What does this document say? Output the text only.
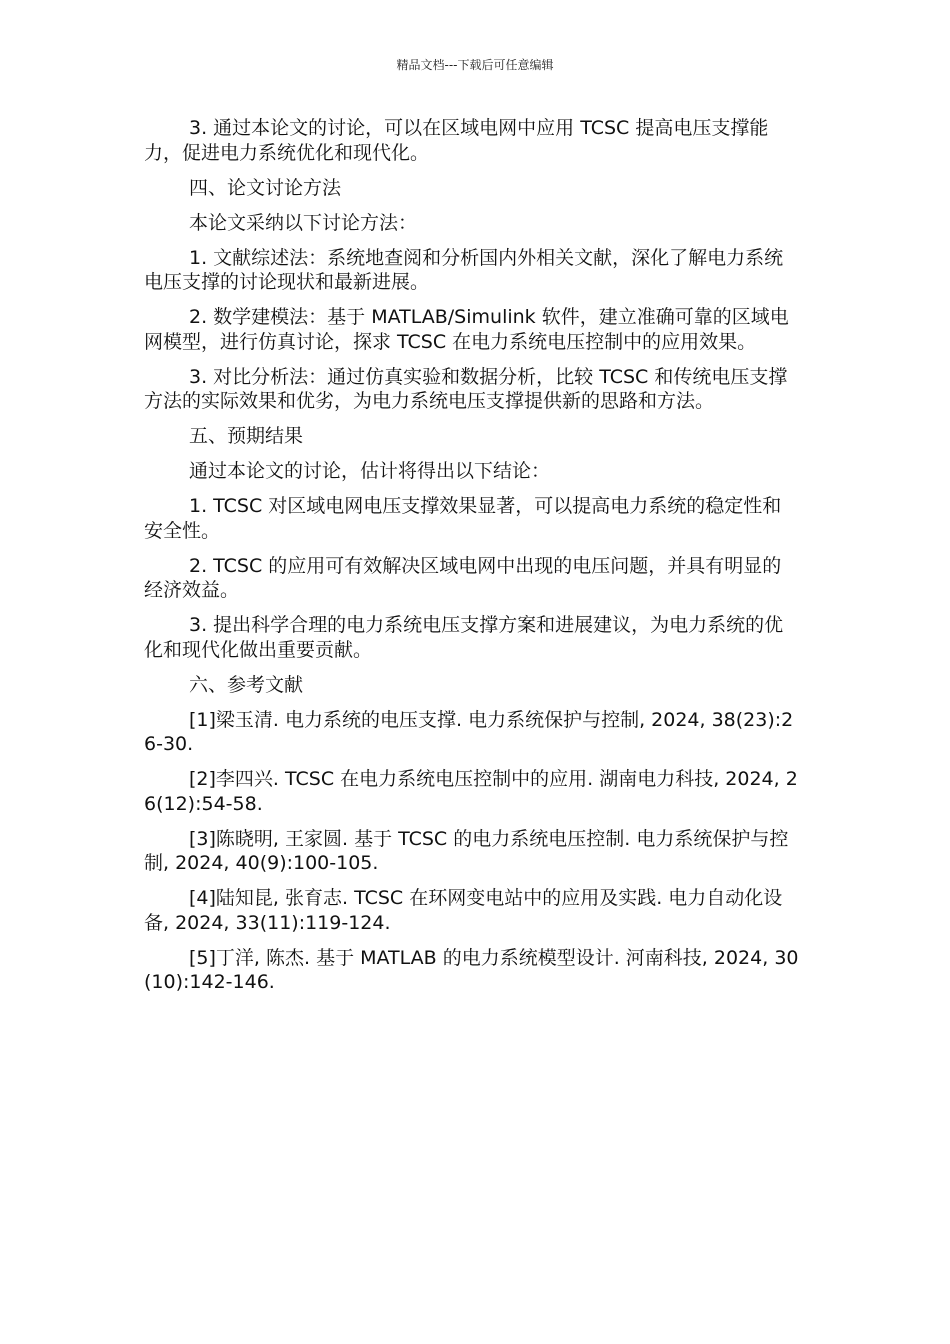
精品文档---下载后可任意编辑

3. 通过本论文的讨论，可以在区域电网中应用 TCSC 提高电压支撑能力，促进电力系统优化和现代化。

四、论文讨论方法

本论文采纳以下讨论方法：

1. 文献综述法：系统地查阅和分析国内外相关文献，深化了解电力系统电压支撑的讨论现状和最新进展。

2. 数学建模法：基于 MATLAB/Simulink 软件，建立准确可靠的区域电网模型，进行仿真讨论，探求 TCSC 在电力系统电压控制中的应用效果。

3. 对比分析法：通过仿真实验和数据分析，比较 TCSC 和传统电压支撑方法的实际效果和优劣，为电力系统电压支撑提供新的思路和方法。

五、预期结果

通过本论文的讨论，估计将得出以下结论：

1. TCSC 对区域电网电压支撑效果显著，可以提高电力系统的稳定性和安全性。

2. TCSC 的应用可有效解决区域电网中出现的电压问题，并具有明显的经济效益。

3. 提出科学合理的电力系统电压支撑方案和进展建议，为电力系统的优化和现代化做出重要贡献。

六、参考文献

[1]梁玉清. 电力系统的电压支撑. 电力系统保护与控制, 2024, 38(23):26-30.

[2]李四兴. TCSC 在电力系统电压控制中的应用. 湖南电力科技, 2024, 26(12):54-58.

[3]陈晓明, 王家圆. 基于 TCSC 的电力系统电压控制. 电力系统保护与控制, 2024, 40(9):100-105.

[4]陆知昆, 张育志. TCSC 在环网变电站中的应用及实践. 电力自动化设备, 2024, 33(11):119-124.

[5]丁洋, 陈杰. 基于 MATLAB 的电力系统模型设计. 河南科技, 2024, 30(10):142-146.
